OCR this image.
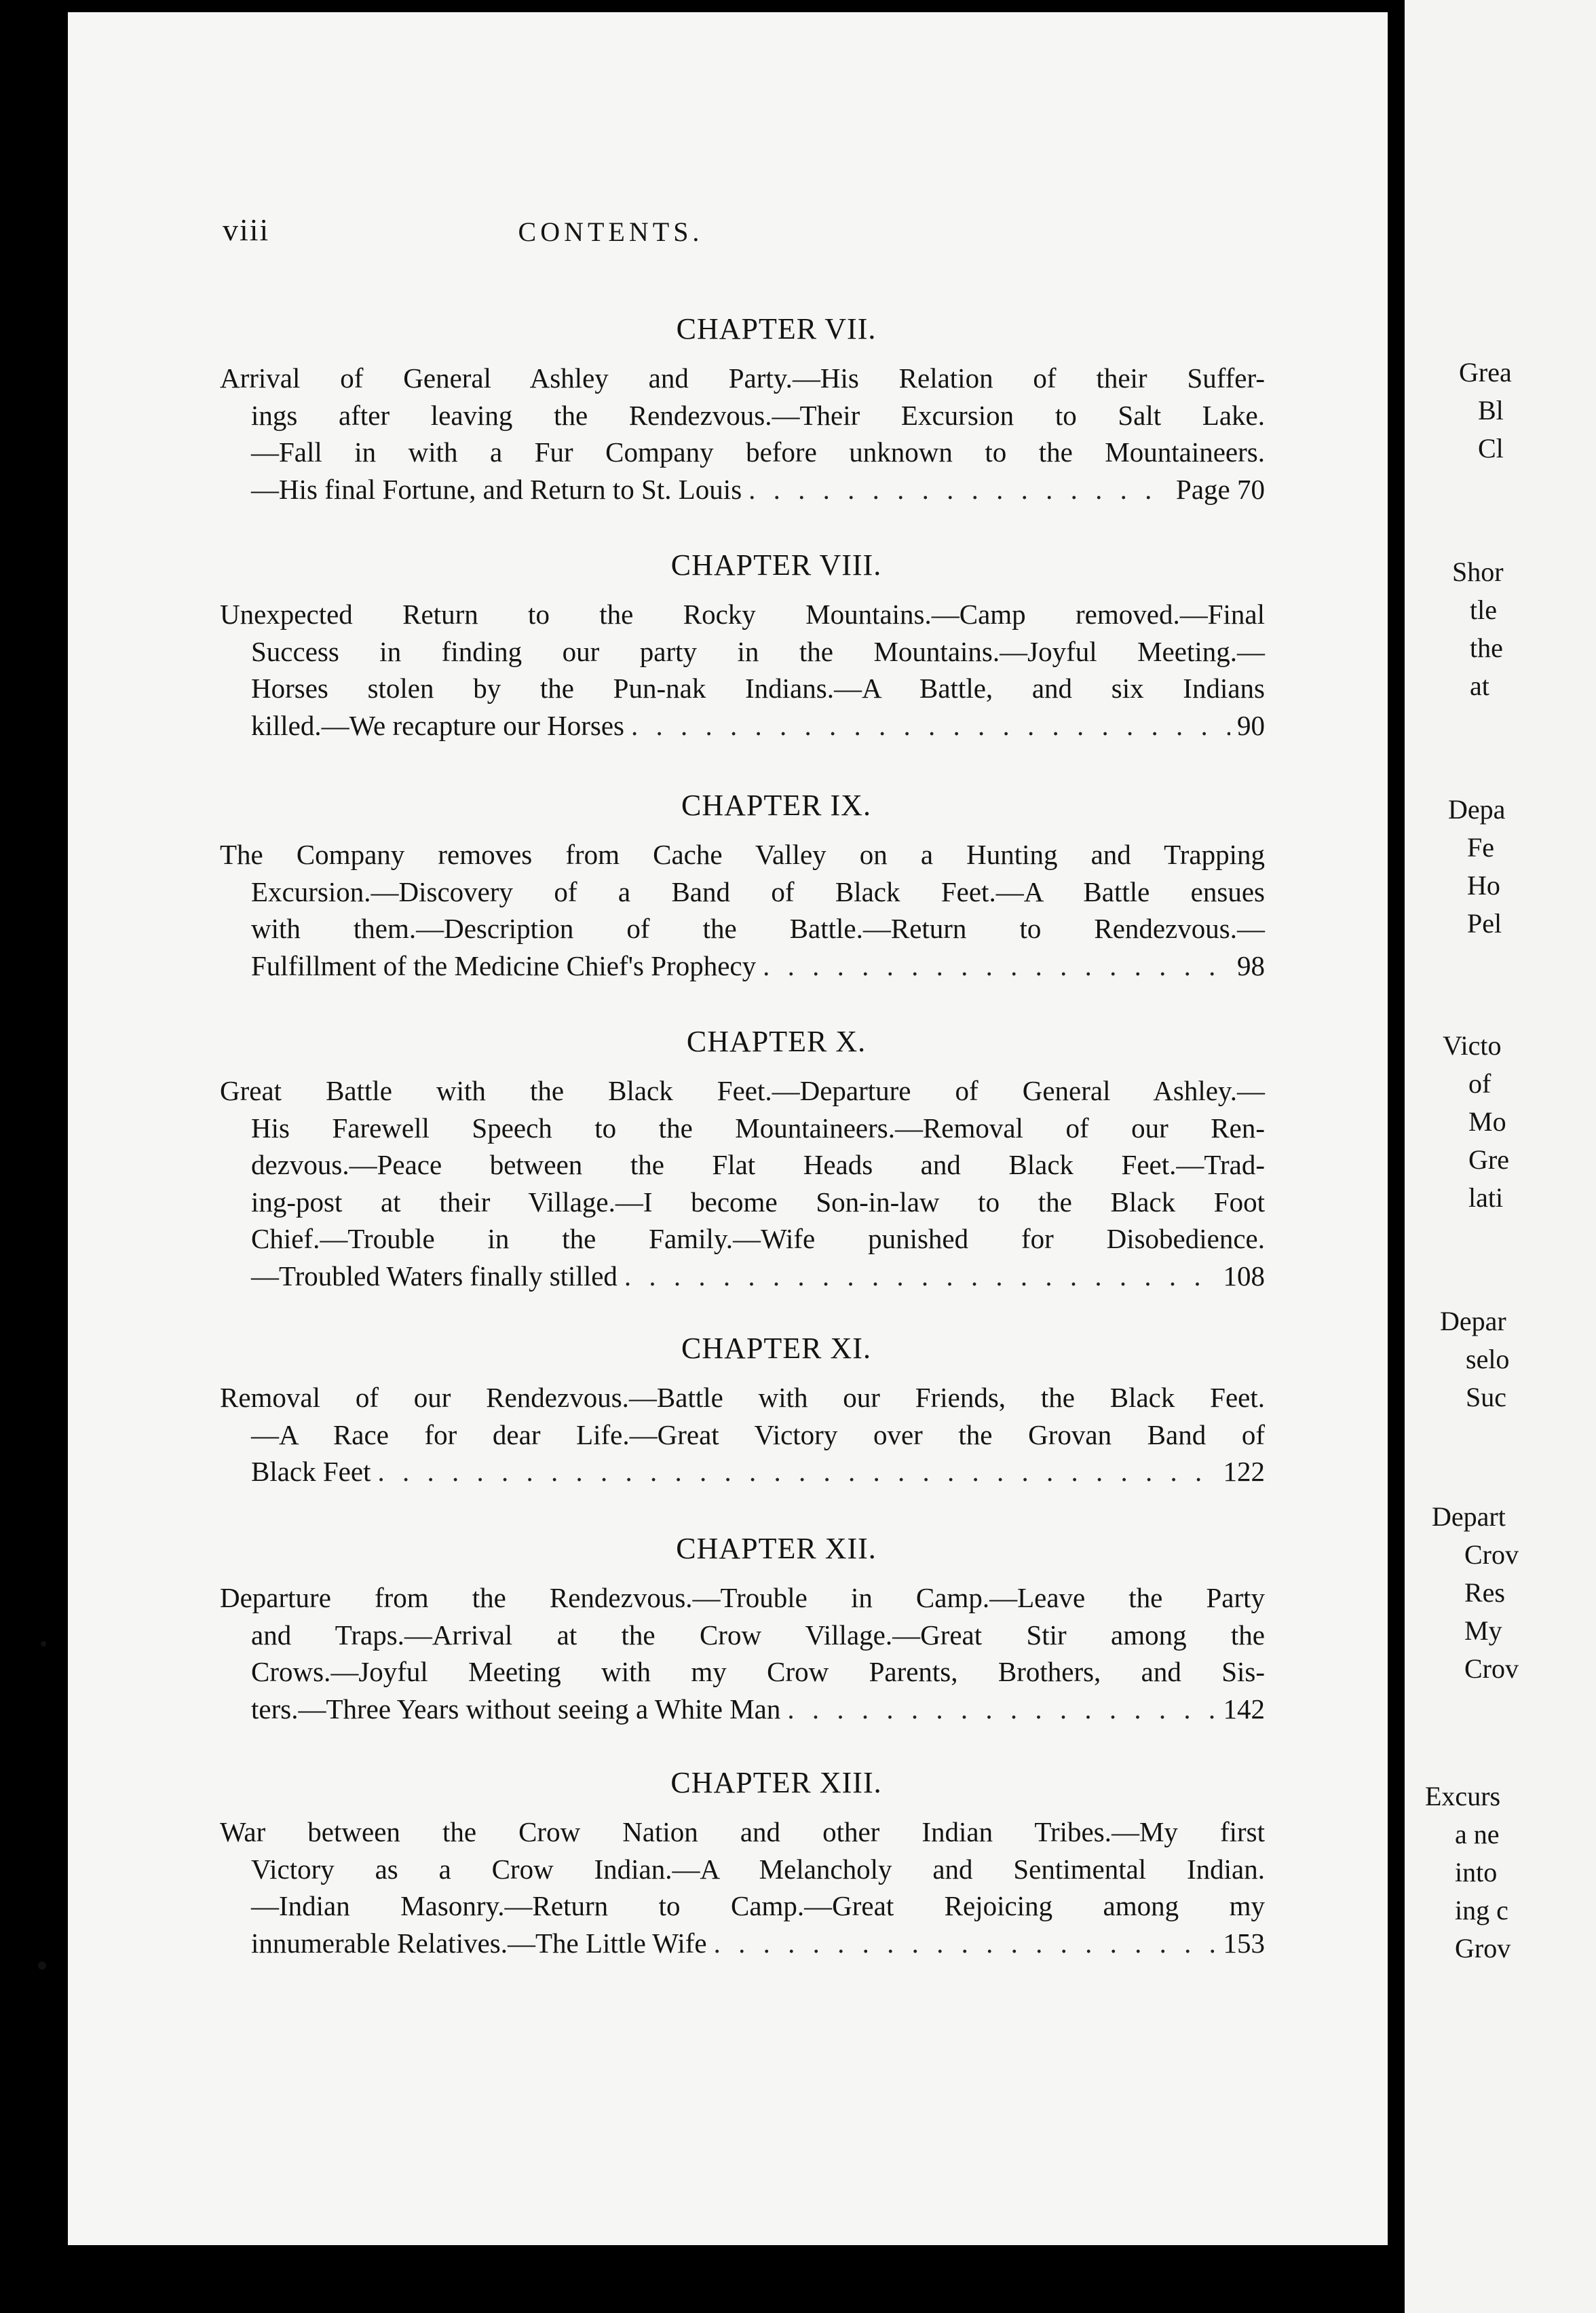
viii	CONTENTS.
CHAPTER VII.
Arrival of General Ashley and Party.—His Relation of their Suffer-
ings after leaving the Rendezvous.—Their Excursion to Salt Lake.
—Fall in with a Fur Company before unknown to the Mountaineers.
—His final Fortune, and Return to St. Louis . . .	Page 70
CHAPTER VIII.
Unexpected Return to the Rocky Mountains.—Camp removed.—Final
Success in finding our party in the Mountains.—Joyful Meeting.—
Horses stolen by the Pun-nak Indians.—A Battle, and six Indians
killed.—We recapture our Horses . . .	90
CHAPTER IX.
The Company removes from Cache Valley on a Hunting and Trapping
Excursion.—Discovery of a Band of Black Feet.—A Battle ensues
with them.—Description of the Battle.—Return to Rendezvous.—
Fulfillment of the Medicine Chief's Prophecy . . .	98
CHAPTER X.
Great Battle with the Black Feet.—Departure of General Ashley.—
His Farewell Speech to the Mountaineers.—Removal of our Ren-
dezvous.—Peace between the Flat Heads and Black Feet.—Trad-
ing-post at their Village.—I become Son-in-law to the Black Foot
Chief.—Trouble in the Family.—Wife punished for Disobedience.
—Troubled Waters finally stilled . . .	108
CHAPTER XI.
Removal of our Rendezvous.—Battle with our Friends, the Black Feet.
—A Race for dear Life.—Great Victory over the Grovan Band of
Black Feet . . .	122
CHAPTER XII.
Departure from the Rendezvous.—Trouble in Camp.—Leave the Party
and Traps.—Arrival at the Crow Village.—Great Stir among the
Crows.—Joyful Meeting with my Crow Parents, Brothers, and Sis-
ters.—Three Years without seeing a White Man . . .	142
CHAPTER XIII.
War between the Crow Nation and other Indian Tribes.—My first
Victory as a Crow Indian.—A Melancholy and Sentimental Indian.
—Indian Masonry.—Return to Camp.—Great Rejoicing among my
innumerable Relatives.—The Little Wife . . .	153
Grea
Bl
Cl
Shor
tle
the
at
Depa
Fe
Ho
Pel
Victo
of
Mo
Gre
lati
Depar
selo
Suc
Depart
Crov
Res
My
Crov
Excurs
a ne
into
ing c
Grov
